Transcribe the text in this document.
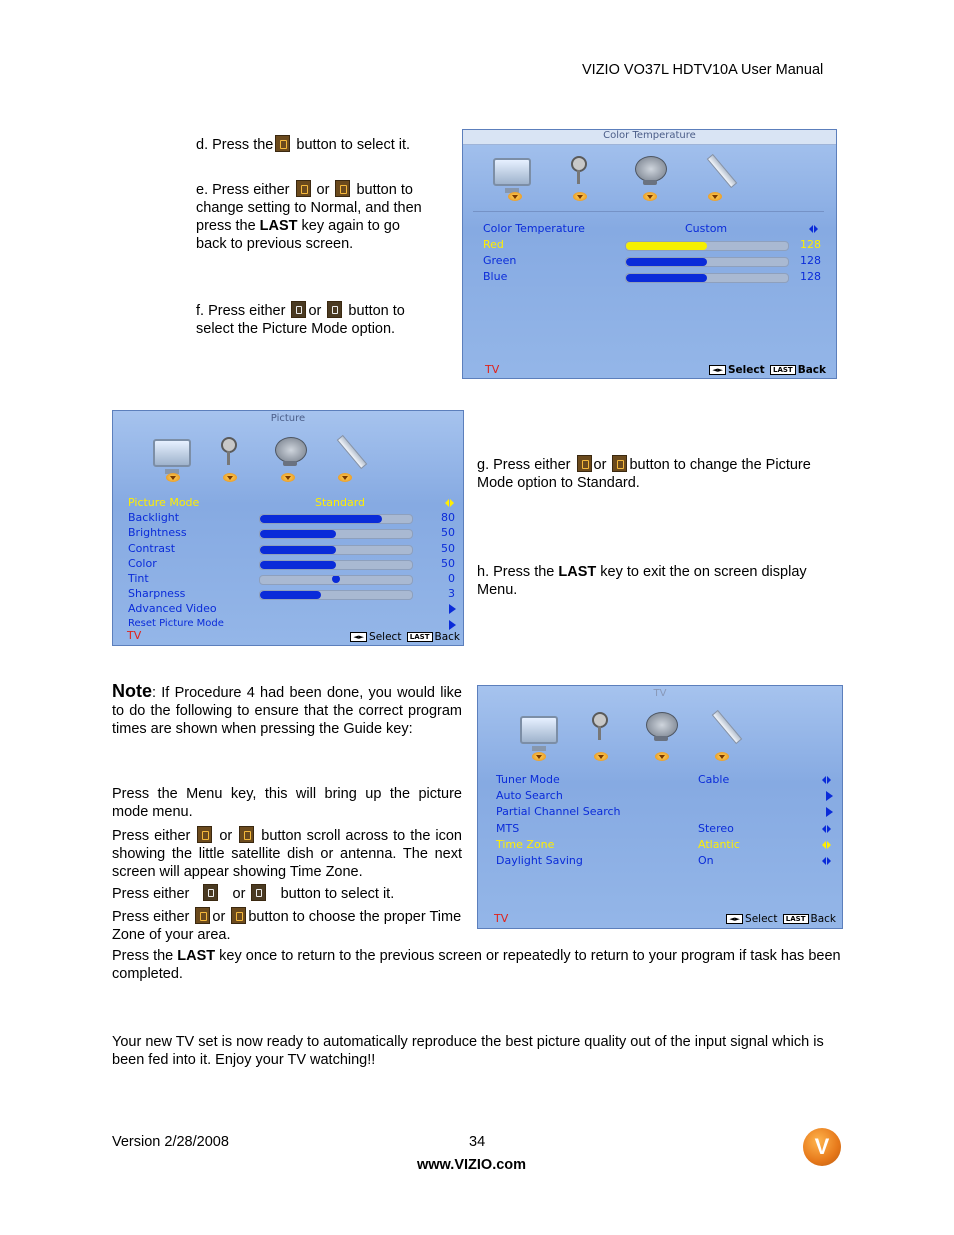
VIZIO VO37L HDTV10A User Manual
d. Press the button to select it.
e. Press either  or  button to
change setting to Normal, and then
press the LAST key again to go
back to previous screen.
f. Press either or  button to
select the Picture Mode option.
Color Temperature
TV	◄► Select LAST Back
Color Temperature	Custom
Red	128
Green	128
Blue	128
Picture
TV	◄► Select LAST Back
Picture Mode	Standard
Backlight	80
Brightness	50
Contrast	50
Color	50
Tint	0
Sharpness	3
Advanced Video
Reset Picture Mode
g. Press either or button to change the Picture
Mode option to Standard.
h. Press the LAST key to exit the on screen display
Menu.
Note: If Procedure 4 had been done, you would like to do the following to ensure that the correct program times are shown when pressing the Guide key:
Press the Menu key, this will bring up the picture mode menu.
Press either  or  button scroll across to the icon showing the little satellite dish or antenna. The next screen will appear showing Time Zone.
Press either      or    button to select it.
Press either or button to choose the proper Time Zone of your area.
TV
TV	◄► Select LAST Back
Tuner Mode	Cable
Auto Search
Partial Channel Search
MTS	Stereo
Time Zone	Atlantic
Daylight Saving	On
Press the LAST key once to return to the previous screen or repeatedly to return to your program if task has been completed.
Your new TV set is now ready to automatically reproduce the best picture quality out of the input signal which is been fed into it. Enjoy your TV watching!!
Version 2/28/2008	34
www.VIZIO.com
V
